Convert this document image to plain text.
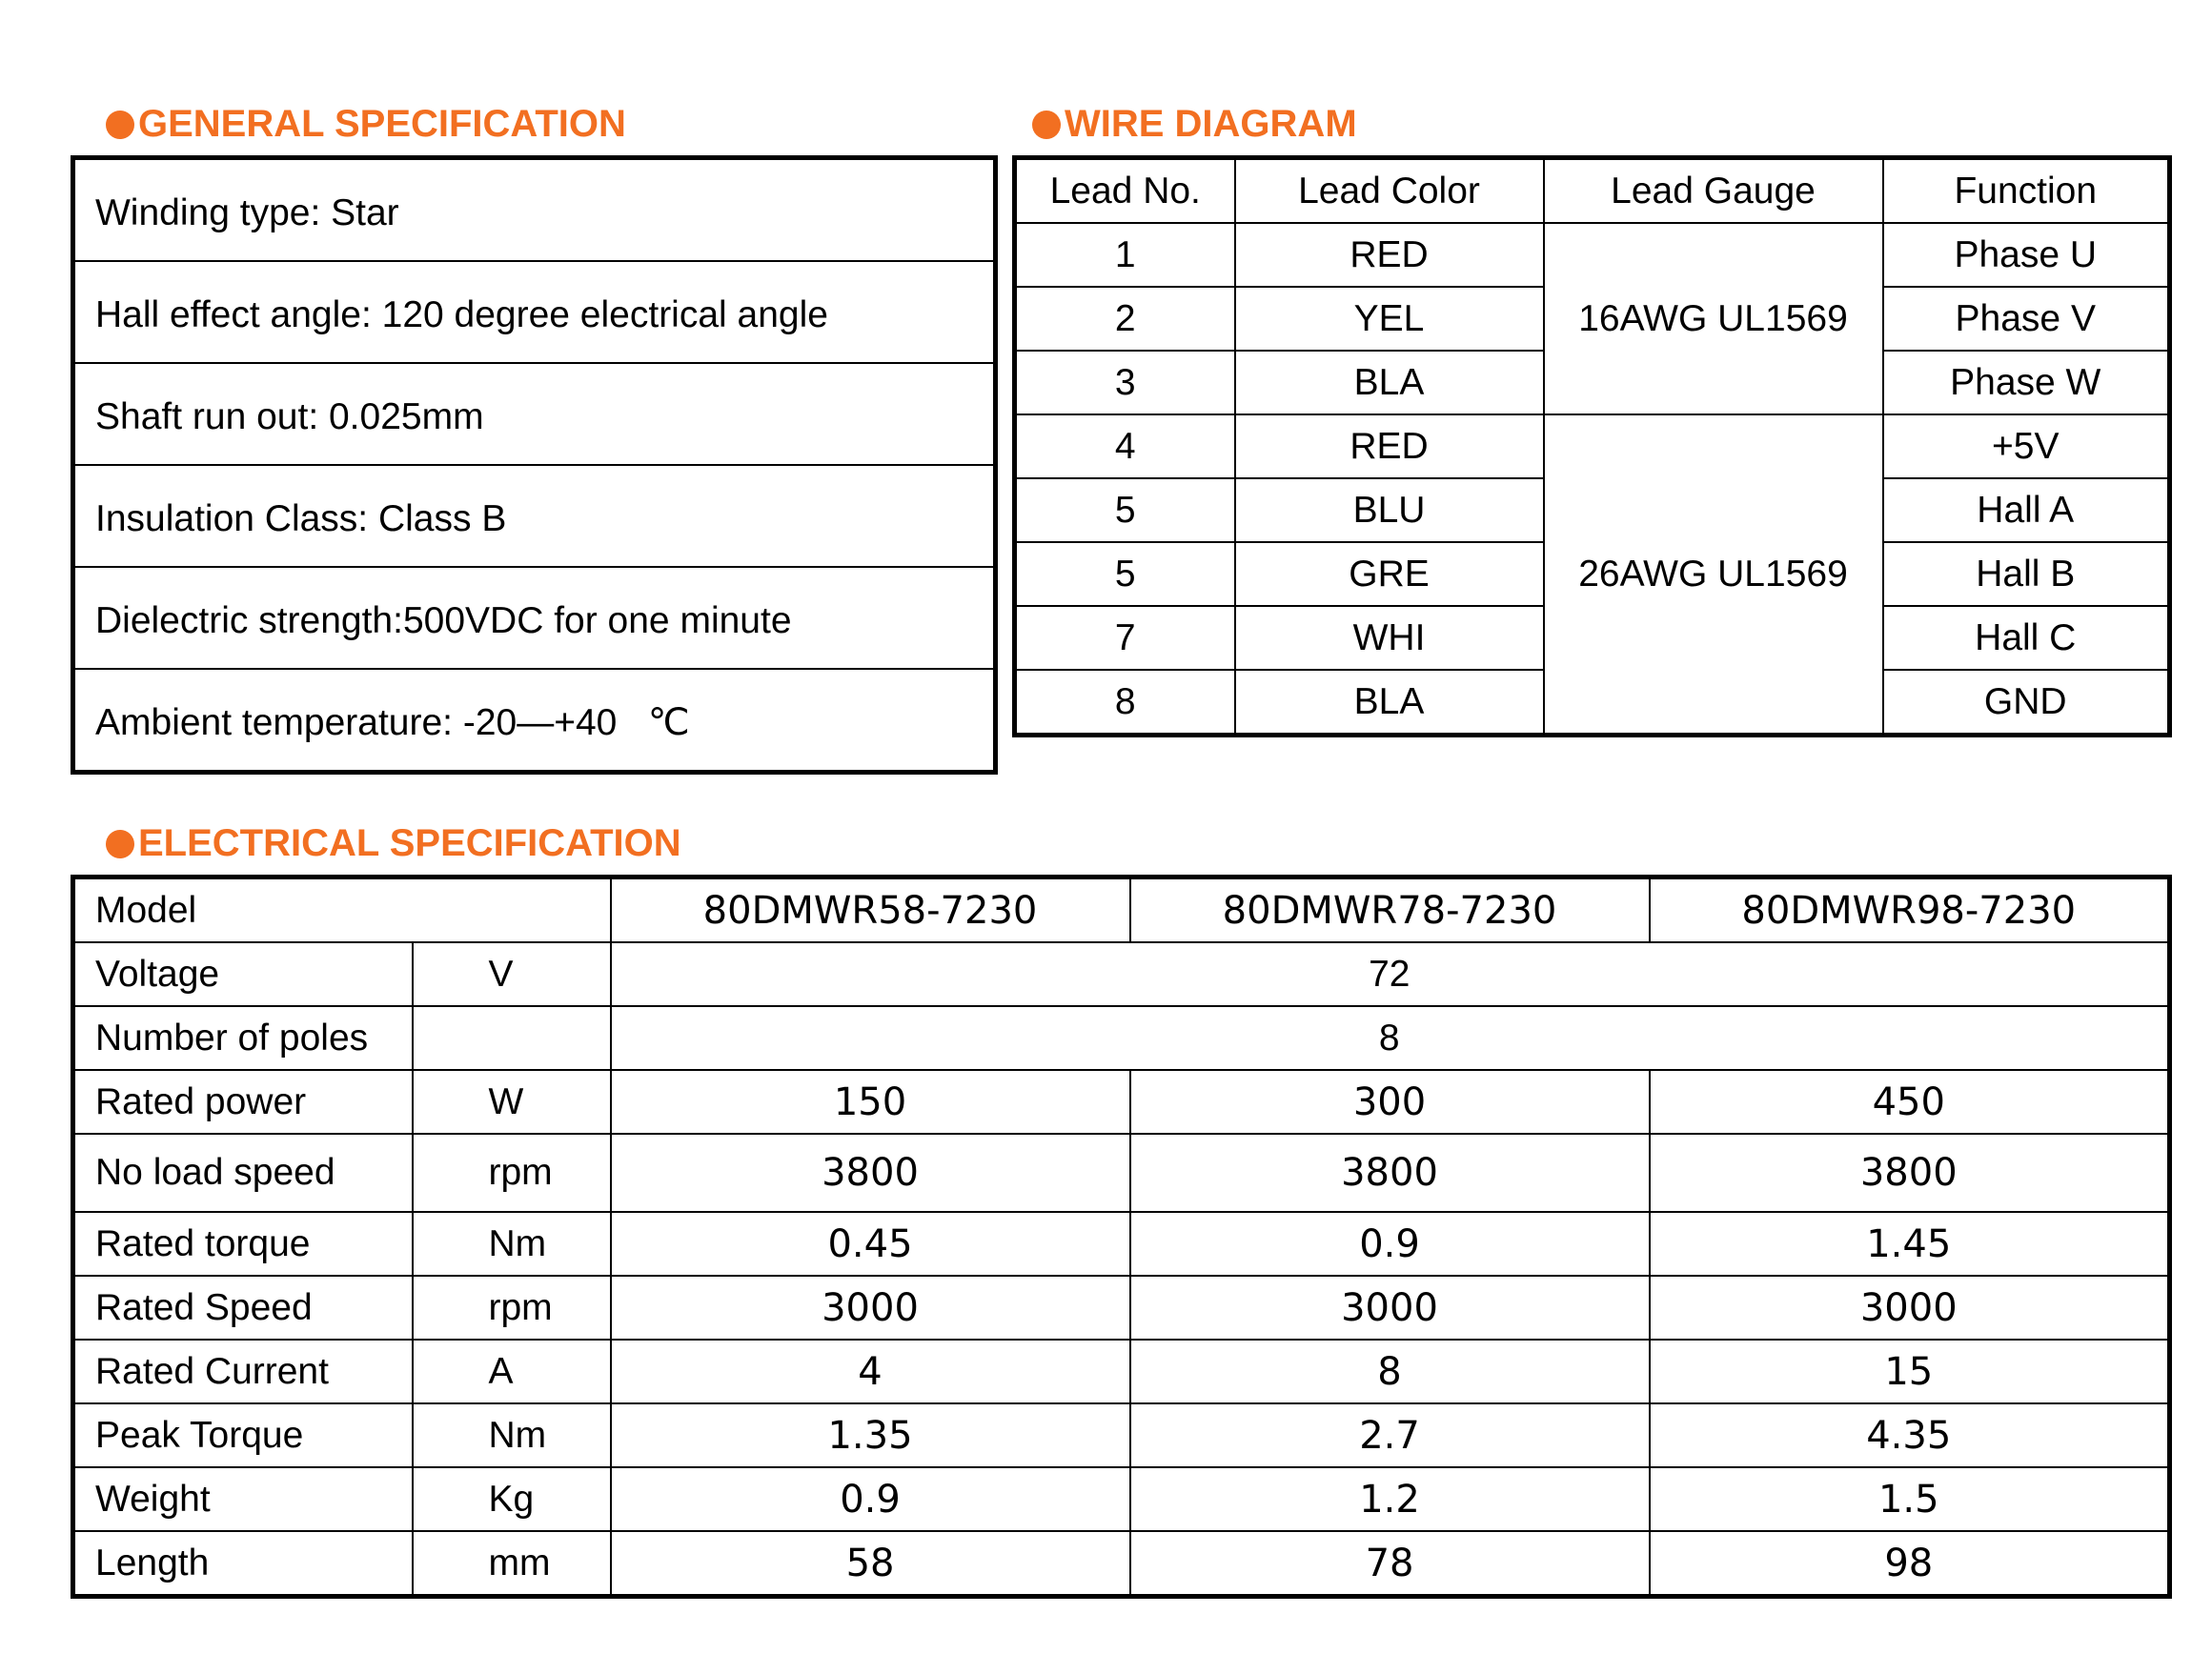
GENERAL SPECIFICATION	WIRE DIAGRAM
ELECTRICAL SPECIFICATION
Winding type: Star
Hall effect angle: 120 degree electrical angle
Shaft run out: 0.025mm
Insulation Class: Class B
Dielectric strength:500VDC for one minute
Ambient temperature: -20—+40   ℃
Lead No.	Lead Color	Lead Gauge	Function
1	RED	16AWG UL1569	Phase U
2	YEL		Phase V
3	BLA		Phase W
4	RED	26AWG UL1569	+5V
5	BLU		Hall A
5	GRE		Hall B
7	WHI		Hall C
8	BLA		GND
Model		80DMWR58-7230	80DMWR78-7230	80DMWR98-7230
Voltage	V	72		
Number of poles		8		
Rated power	W	150	300	450
No load speed	rpm	3800	3800	3800
Rated torque	Nm	0.45	0.9	1.45
Rated Speed	rpm	3000	3000	3000
Rated Current	A	4	8	15
Peak Torque	Nm	1.35	2.7	4.35
Weight	Kg	0.9	1.2	1.5
Length	mm	58	78	98
